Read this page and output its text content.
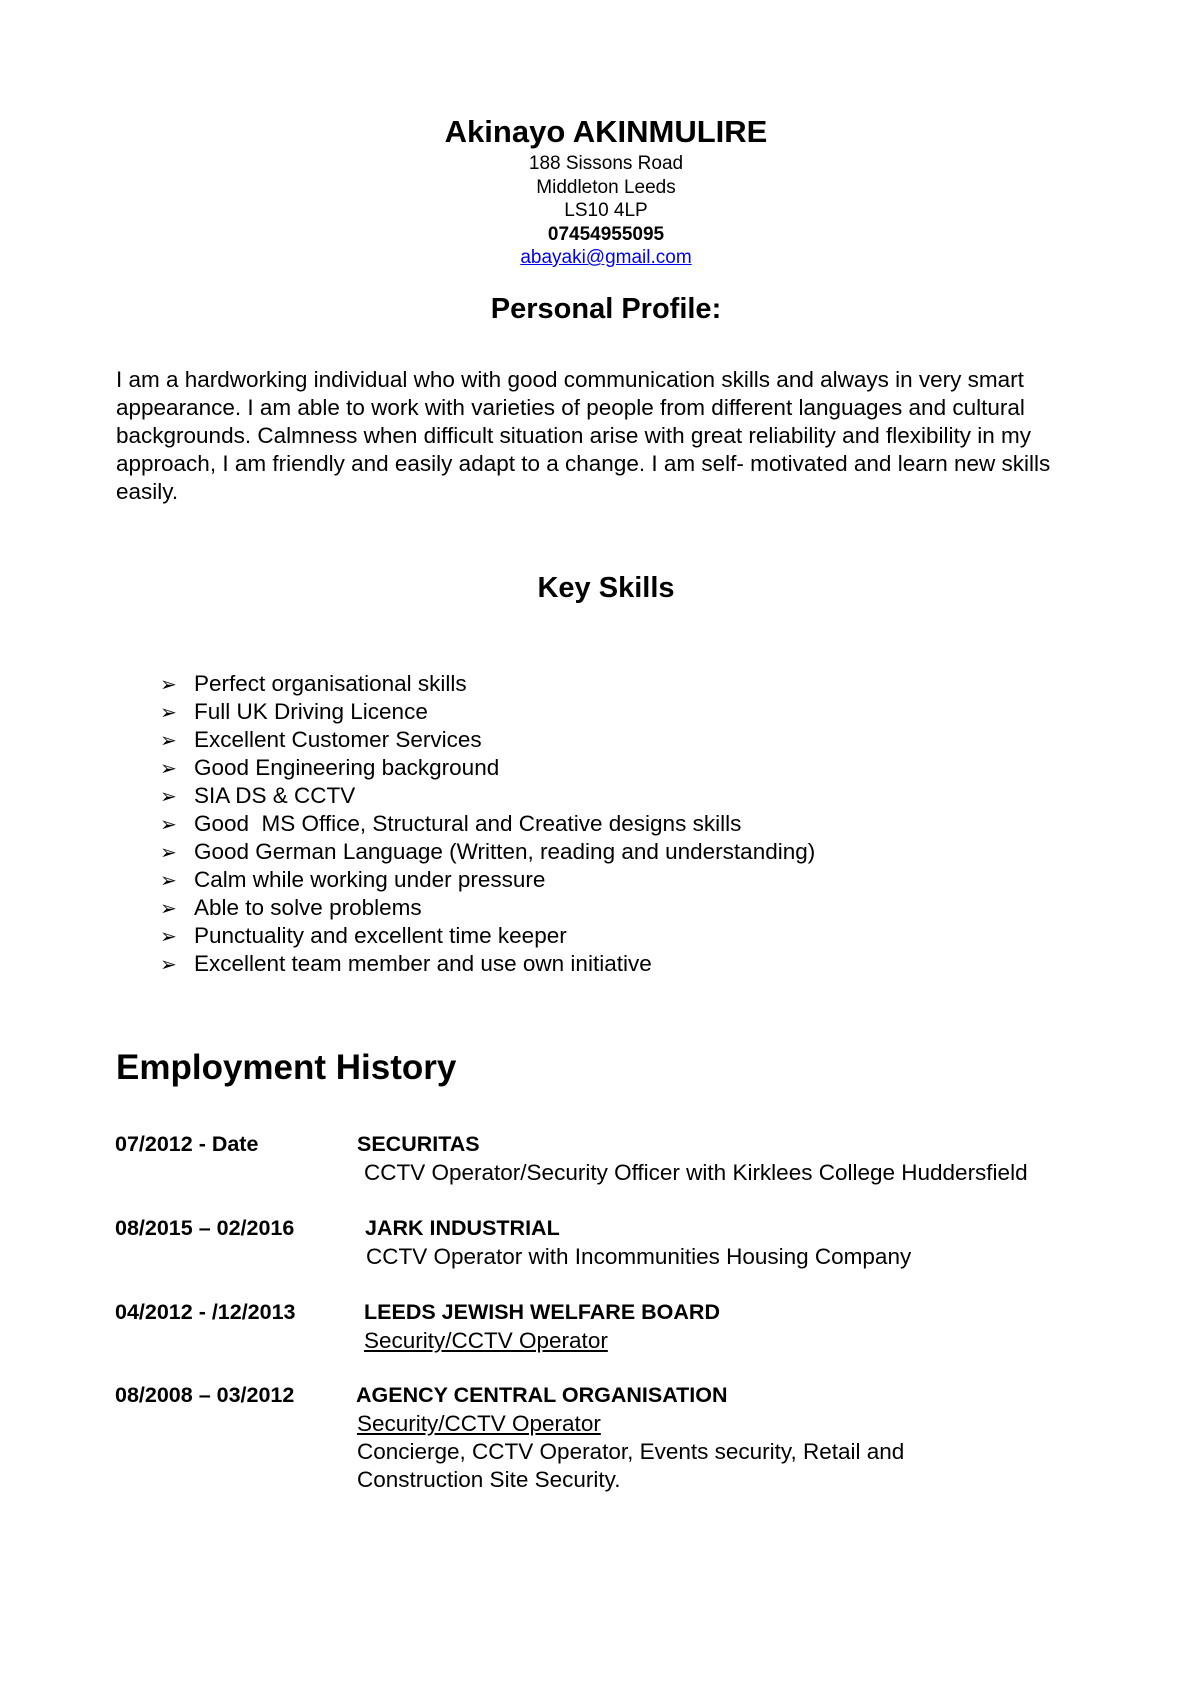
Akinayo AKINMULIRE

188 Sissons Road

Middleton Leeds

LS10 4LP

07454955095

abayaki@gmail.com

Personal Profile:

I am a hardworking individual who with good communication skills and always in very smart appearance. I am able to work with varieties of people from different languages and cultural backgrounds. Calmness when difficult situation arise with great reliability and flexibility in my approach, I am friendly and easily adapt to a change. I am self- motivated and learn new skills easily.

Key Skills

➢ Perfect organisational skills
➢ Full UK Driving Licence
➢ Excellent Customer Services
➢ Good Engineering background
➢ SIA DS & CCTV
➢ Good  MS Office, Structural and Creative designs skills
➢ Good German Language (Written, reading and understanding)
➢ Calm while working under pressure
➢ Able to solve problems
➢ Punctuality and excellent time keeper
➢ Excellent team member and use own initiative

Employment History

07/2012 - Date	SECURITAS
CCTV Operator/Security Officer with Kirklees College Huddersfield
08/2015 – 02/2016	JARK INDUSTRIAL
CCTV Operator with Incommunities Housing Company
04/2012 - /12/2013	LEEDS JEWISH WELFARE BOARD
Security/CCTV Operator
08/2008 – 03/2012	AGENCY CENTRAL ORGANISATION
Security/CCTV Operator
Concierge, CCTV Operator, Events security, Retail and
Construction Site Security.
